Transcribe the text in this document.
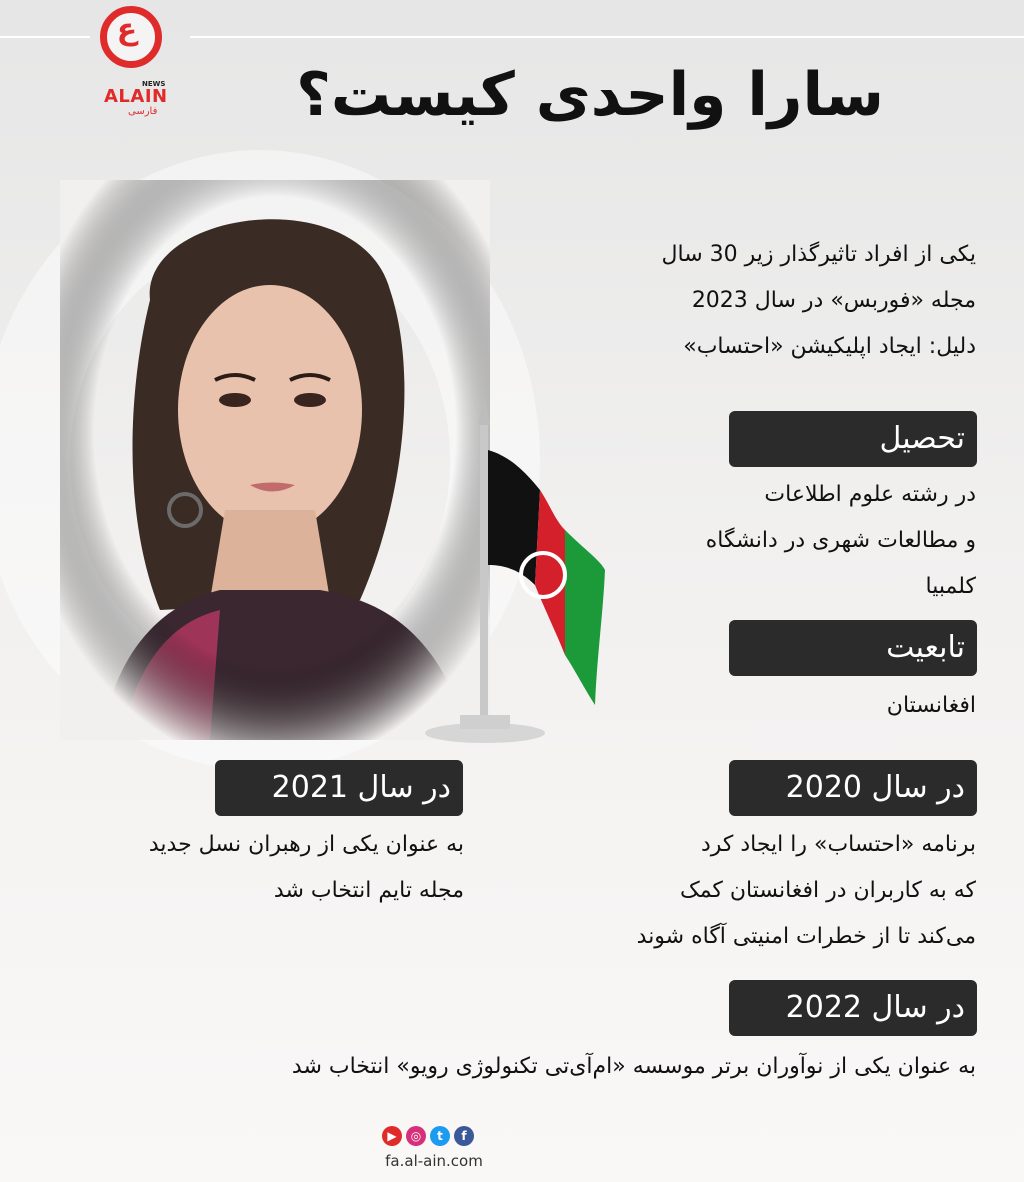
ع
NEWS
ALAIN
فارسی سارا واحدی کیست؟
یکی از افراد تاثیرگذار زیر 30 سال
مجله «فوربس» در سال 2023
دلیل: ایجاد اپلیکیشن «احتساب»
تحصیل
در رشته علوم اطلاعات
و مطالعات شهری در دانشگاه
کلمبیا
تابعیت
افغانستان
در سال 2020
برنامه «احتساب» را ایجاد کرد
که به کاربران در افغانستان کمک
می‌کند تا از خطرات امنیتی آگاه شوند
در سال 2021
به عنوان یکی از رهبران نسل جدید
مجله تایم انتخاب شد
در سال 2022
به عنوان یکی از نوآوران برتر موسسه «ام‌آی‌تی تکنولوژی رویو» انتخاب شد
▶	◎	t	f
fa.al-ain.com
